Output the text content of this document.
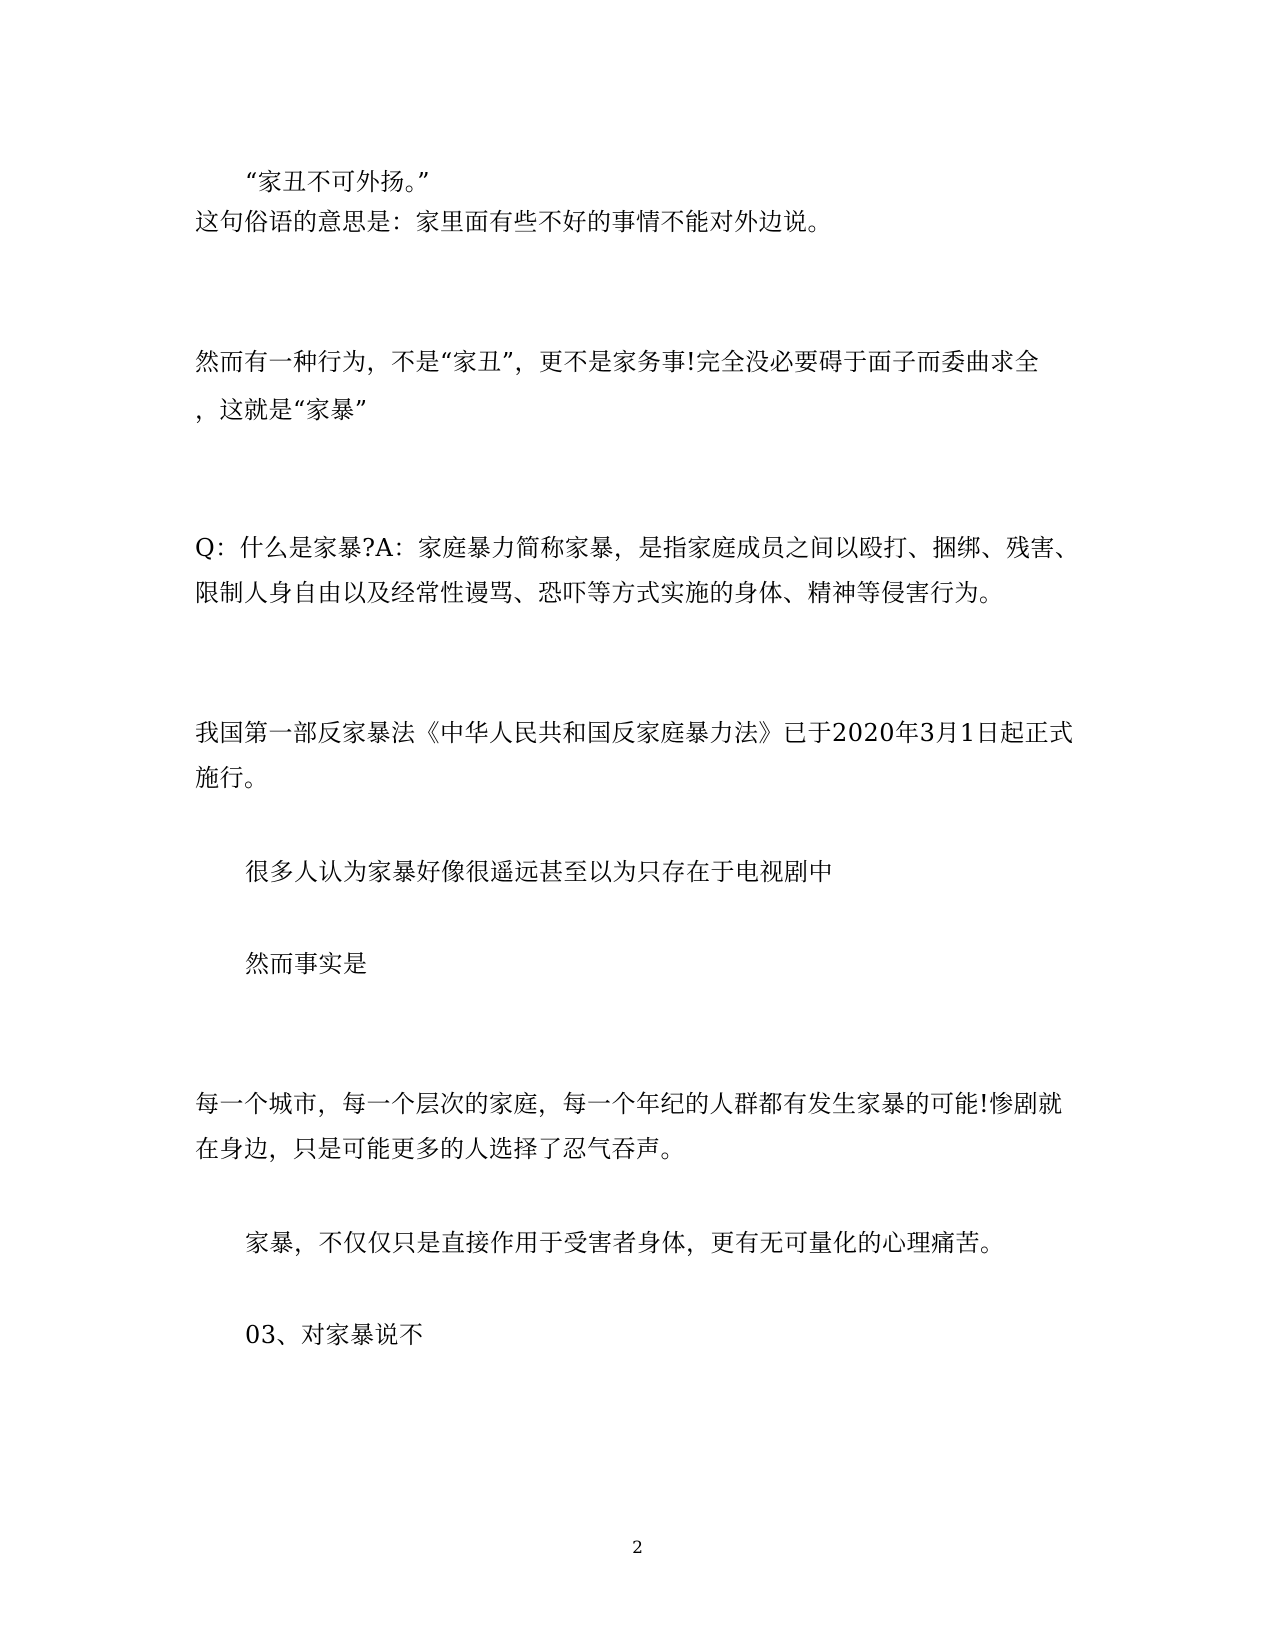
“家丑不可外扬。”
这句俗语的意思是：家里面有些不好的事情不能对外边说。
然而有一种行为，不是“家丑”，更不是家务事!完全没必要碍于面子而委曲求全
，这就是“家暴”
Q：什么是家暴?A：家庭暴力简称家暴，是指家庭成员之间以殴打、捆绑、残害、
限制人身自由以及经常性谩骂、恐吓等方式实施的身体、精神等侵害行为。
我国第一部反家暴法《中华人民共和国反家庭暴力法》已于2020年3月1日起正式
施行。
很多人认为家暴好像很遥远甚至以为只存在于电视剧中
然而事实是
每一个城市，每一个层次的家庭，每一个年纪的人群都有发生家暴的可能!惨剧就
在身边，只是可能更多的人选择了忍气吞声。
家暴，不仅仅只是直接作用于受害者身体，更有无可量化的心理痛苦。
03、对家暴说不
2
